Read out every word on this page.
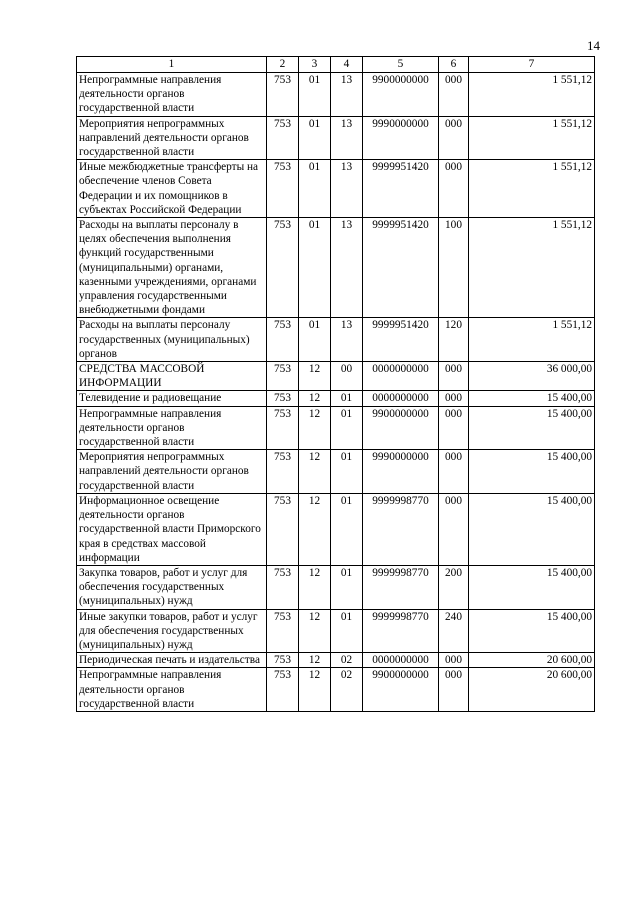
14
1	2	3	4	5	6	7
Непрограммные направления деятельности органов государственной власти	753	01	13	9900000000	000	1 551,12
Мероприятия непрограммных направлений деятельности органов государственной власти	753	01	13	9990000000	000	1 551,12
Иные межбюджетные трансферты на обеспечение членов Совета Федерации и их помощников в субъектах Российской Федерации	753	01	13	9999951420	000	1 551,12
Расходы на выплаты персоналу в целях обеспечения выполнения функций государственными (муниципальными) органами, казенными учреждениями, органами управления государственными внебюджетными фондами	753	01	13	9999951420	100	1 551,12
Расходы на выплаты персоналу государственных (муниципальных) органов	753	01	13	9999951420	120	1 551,12
СРЕДСТВА МАССОВОЙ ИНФОРМАЦИИ	753	12	00	0000000000	000	36 000,00
Телевидение и радиовещание	753	12	01	0000000000	000	15 400,00
Непрограммные направления деятельности органов государственной власти	753	12	01	9900000000	000	15 400,00
Мероприятия непрограммных направлений деятельности органов государственной власти	753	12	01	9990000000	000	15 400,00
Информационное освещение деятельности органов государственной власти Приморского края в средствах массовой информации	753	12	01	9999998770	000	15 400,00
Закупка товаров, работ и услуг для обеспечения государственных (муниципальных) нужд	753	12	01	9999998770	200	15 400,00
Иные закупки товаров, работ и услуг для обеспечения государственных (муниципальных) нужд	753	12	01	9999998770	240	15 400,00
Периодическая печать и издательства	753	12	02	0000000000	000	20 600,00
Непрограммные направления деятельности органов государственной власти	753	12	02	9900000000	000	20 600,00
